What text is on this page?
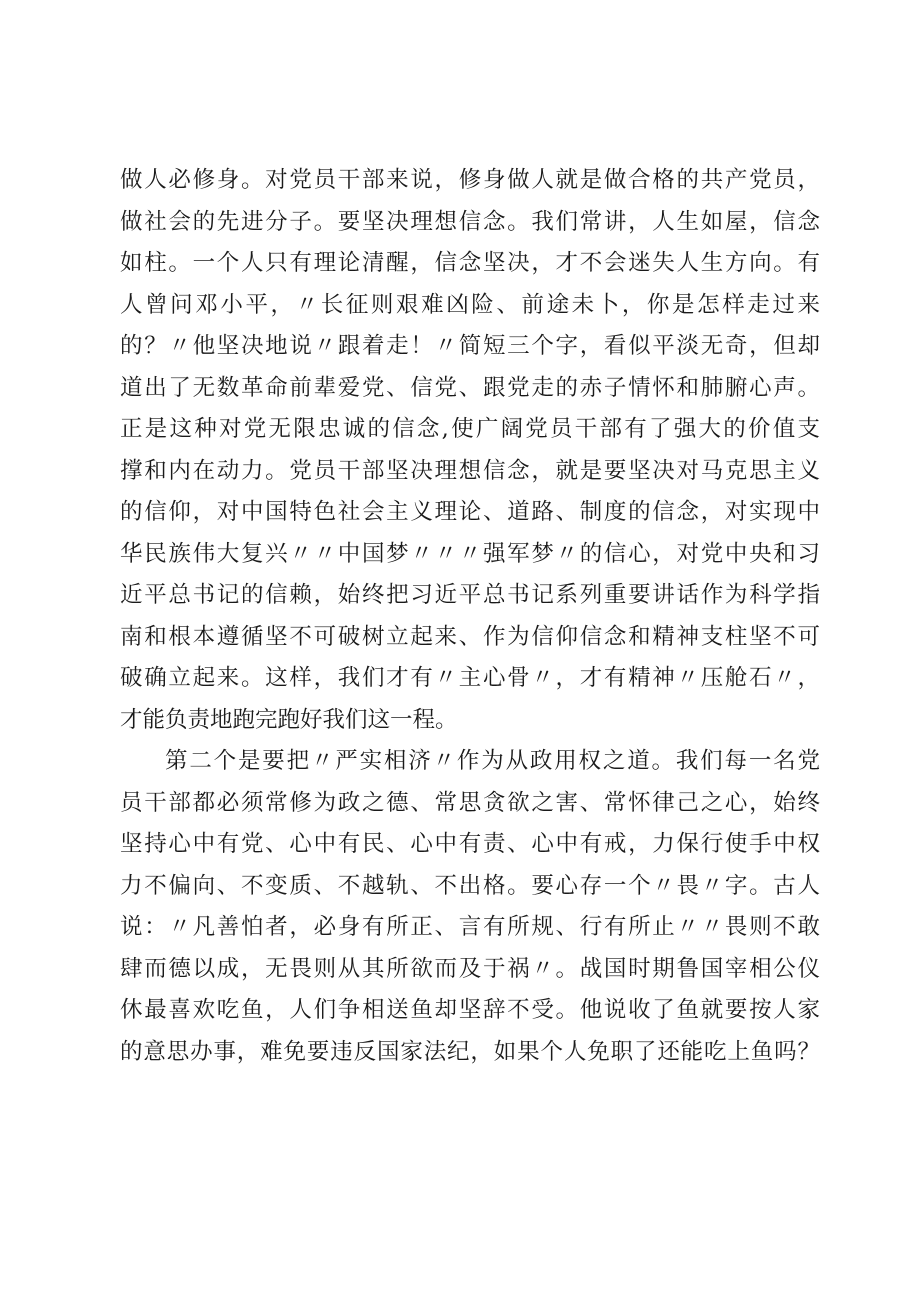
做人必修身。对党员干部来说，修身做人就是做合格的共产党员，
做社会的先进分子。要坚决理想信念。我们常讲，人生如屋，信念
如柱。一个人只有理论清醒，信念坚决，才不会迷失人生方向。有
人曾问邓小平，〃长征则艰难凶险、前途未卜，你是怎样走过来
的？〃他坚决地说〃跟着走！〃简短三个字，看似平淡无奇，但却
道出了无数革命前辈爱党、信党、跟党走的赤子情怀和肺腑心声。
正是这种对党无限忠诚的信念,使广阔党员干部有了强大的价值支
撑和内在动力。党员干部坚决理想信念，就是要坚决对马克思主义
的信仰，对中国特色社会主义理论、道路、制度的信念，对实现中
华民族伟大复兴〃〃中国梦〃〃〃强军梦〃的信心，对党中央和习
近平总书记的信赖，始终把习近平总书记系列重要讲话作为科学指
南和根本遵循坚不可破树立起来、作为信仰信念和精神支柱坚不可
破确立起来。这样，我们才有〃主心骨〃，才有精神〃压舱石〃，
才能负责地跑完跑好我们这一程。
第二个是要把〃严实相济〃作为从政用权之道。我们每一名党
员干部都必须常修为政之德、常思贪欲之害、常怀律己之心，始终
坚持心中有党、心中有民、心中有责、心中有戒，力保行使手中权
力不偏向、不变质、不越轨、不出格。要心存一个〃畏〃字。古人
说：〃凡善怕者，必身有所正、言有所规、行有所止〃〃畏则不敢
肆而德以成，无畏则从其所欲而及于祸〃。战国时期鲁国宰相公仪
休最喜欢吃鱼，人们争相送鱼却坚辞不受。他说收了鱼就要按人家
的意思办事，难免要违反国家法纪，如果个人免职了还能吃上鱼吗？
